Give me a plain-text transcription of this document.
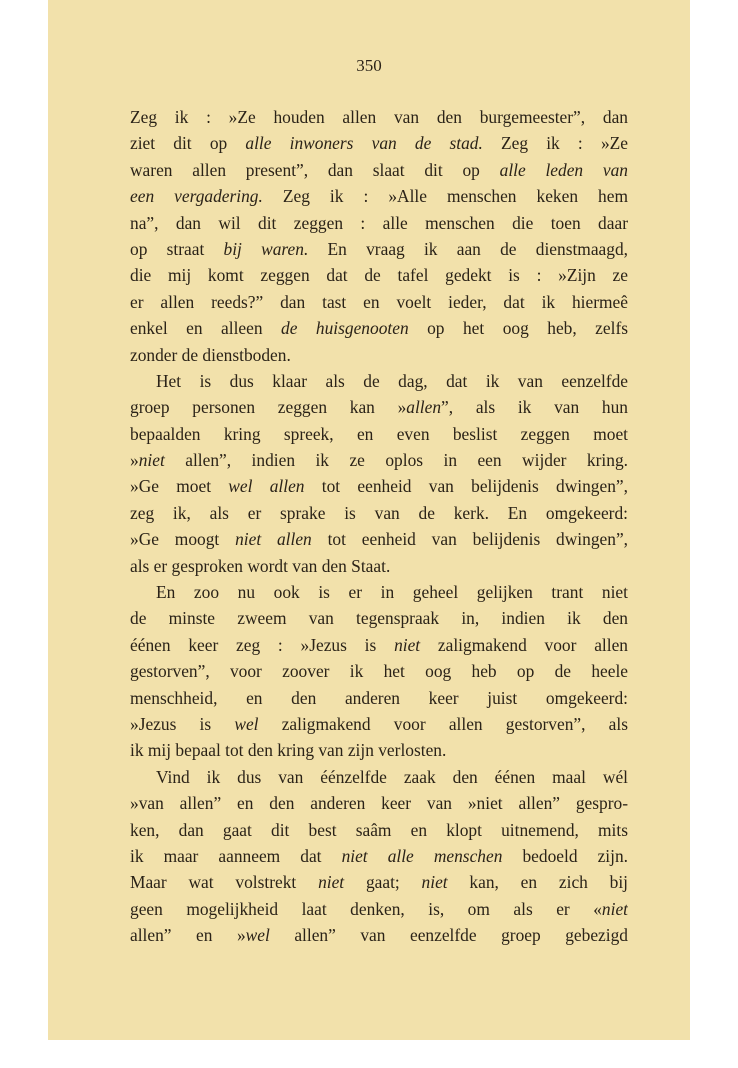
350
Zeg ik : »Ze houden allen van den burgemeester”, dan
ziet dit op alle inwoners van de stad. Zeg ik : »Ze
waren allen present”, dan slaat dit op alle leden van
een vergadering. Zeg ik : »Alle menschen keken hem
na”, dan wil dit zeggen : alle menschen die toen daar
op straat bij waren. En vraag ik aan de dienstmaagd,
die mij komt zeggen dat de tafel gedekt is : »Zijn ze
er allen reeds?” dan tast en voelt ieder, dat ik hiermeê
enkel en alleen de huisgenooten op het oog heb, zelfs
zonder de dienstboden.
Het is dus klaar als de dag, dat ik van eenzelfde
groep personen zeggen kan »allen”, als ik van hun
bepaalden kring spreek, en even beslist zeggen moet
»niet allen”, indien ik ze oplos in een wijder kring.
»Ge moet wel allen tot eenheid van belijdenis dwingen”,
zeg ik, als er sprake is van de kerk. En omgekeerd:
»Ge moogt niet allen tot eenheid van belijdenis dwingen”,
als er gesproken wordt van den Staat.
En zoo nu ook is er in geheel gelijken trant niet
de minste zweem van tegenspraak in, indien ik den
éénen keer zeg : »Jezus is niet zaligmakend voor allen
gestorven”, voor zoover ik het oog heb op de heele
menschheid, en den anderen keer juist omgekeerd:
»Jezus is wel zaligmakend voor allen gestorven”, als
ik mij bepaal tot den kring van zijn verlosten.
Vind ik dus van éénzelfde zaak den éénen maal wél
»van allen” en den anderen keer van »niet allen” gespro-
ken, dan gaat dit best saâm en klopt uitnemend, mits
ik maar aanneem dat niet alle menschen bedoeld zijn.
Maar wat volstrekt niet gaat; niet kan, en zich bij
geen mogelijkheid laat denken, is, om als er «niet
allen” en »wel allen” van eenzelfde groep gebezigd
